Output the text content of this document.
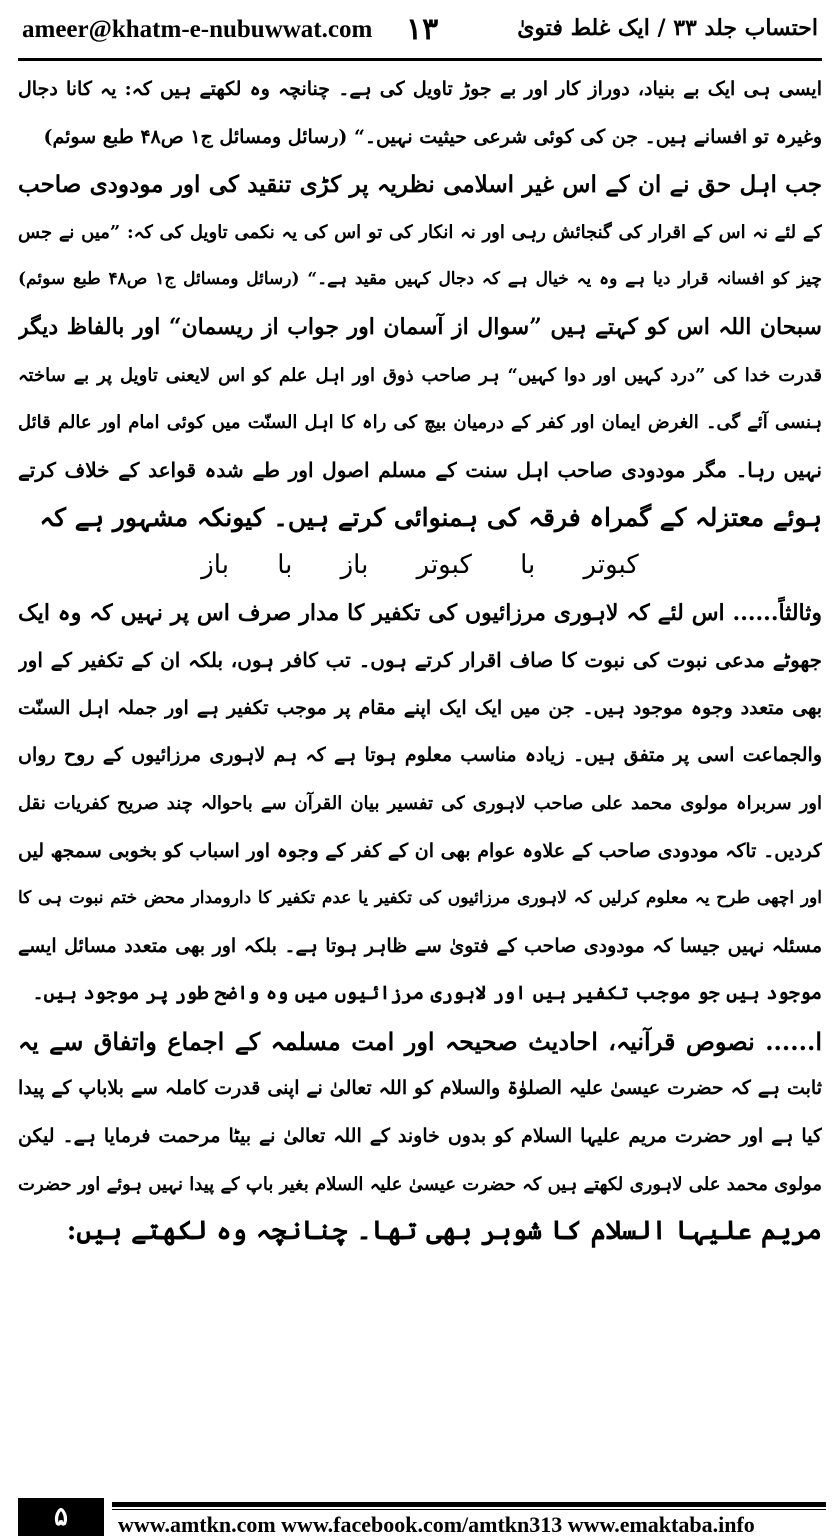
ameer@khatm-e-nubuwwat.com ۱۳	احتساب جلد ۳۳ / ایک غلط فتویٰ
ایسی ہی ایک بے بنیاد، دوراز کار اور بے جوڑ تاویل کی ہے۔ چنانچہ وہ لکھتے ہیں کہ: یہ کانا دجال
وغیرہ تو افسانے ہیں۔ جن کی کوئی شرعی حیثیت نہیں۔“ (رسائل ومسائل ج۱ ص۴۸ طبع سوئم)
جب اہل حق نے ان کے اس غیر اسلامی نظریہ پر کڑی تنقید کی اور مودودی صاحب
کے لئے نہ اس کے اقرار کی گنجائش رہی اور نہ انکار کی تو اس کی یہ نکمی تاویل کی کہ: ”میں نے جس
چیز کو افسانہ قرار دیا ہے وہ یہ خیال ہے کہ دجال کہیں مقید ہے۔“ (رسائل ومسائل ج۱ ص۴۸ طبع سوئم)
سبحان اللہ اس کو کہتے ہیں ”سوال از آسمان اور جواب از ریسمان“ اور بالفاظ دیگر
قدرت خدا کی ”درد کہیں اور دوا کہیں“ ہر صاحب ذوق اور اہل علم کو اس لایعنی تاویل پر بے ساختہ
ہنسی آئے گی۔ الغرض ایمان اور کفر کے درمیان بیچ کی راہ کا اہل السنّت میں کوئی امام اور عالم قائل
نہیں رہا۔ مگر مودودی صاحب اہل سنت کے مسلم اصول اور طے شدہ قواعد کے خلاف کرتے
ہوئے معتزلہ کے گمراہ فرقہ کی ہمنوائی کرتے ہیں۔ کیونکہ مشہور ہے کہ
کبوتر با کبوتر باز با باز
وثالثاً...... اس لئے کہ لاہوری مرزائیوں کی تکفیر کا مدار صرف اس پر نہیں کہ وہ ایک
جھوٹے مدعی نبوت کی نبوت کا صاف اقرار کرتے ہوں۔ تب کافر ہوں، بلکہ ان کے تکفیر کے اور
بھی متعدد وجوہ موجود ہیں۔ جن میں ایک ایک اپنے مقام پر موجب تکفیر ہے اور جملہ اہل السنّت
والجماعت اسی پر متفق ہیں۔ زیادہ مناسب معلوم ہوتا ہے کہ ہم لاہوری مرزائیوں کے روح رواں
اور سربراہ مولوی محمد علی صاحب لاہوری کی تفسیر بیان القرآن سے باحوالہ چند صریح کفریات نقل
کردیں۔ تاکہ مودودی صاحب کے علاوہ عوام بھی ان کے کفر کے وجوہ اور اسباب کو بخوبی سمجھ لیں
اور اچھی طرح یہ معلوم کرلیں کہ لاہوری مرزائیوں کی تکفیر یا عدم تکفیر کا دارومدار محض ختم نبوت ہی کا
مسئلہ نہیں جیسا کہ مودودی صاحب کے فتویٰ سے ظاہر ہوتا ہے۔ بلکہ اور بھی متعدد مسائل ایسے
موجود ہیں جو موجب تکفیر ہیں اور لاہوری مرزائیوں میں وہ واضح طور پر موجود ہیں۔
ا...... نصوص قرآنیہ، احادیث صحیحہ اور امت مسلمہ کے اجماع واتفاق سے یہ
ثابت ہے کہ حضرت عیسیٰ علیہ الصلوٰۃ والسلام کو اللہ تعالیٰ نے اپنی قدرت کاملہ سے بلاباپ کے پیدا
کیا ہے اور حضرت مریم علیہا السلام کو بدوں خاوند کے اللہ تعالیٰ نے بیٹا مرحمت فرمایا ہے۔ لیکن
مولوی محمد علی لاہوری لکھتے ہیں کہ حضرت عیسیٰ علیہ السلام بغیر باپ کے پیدا نہیں ہوئے اور حضرت
مریم علیہا السلام کا شوہر بھی تھا۔ چنانچہ وہ لکھتے ہیں:
۵	www.amtkn.com www.facebook.com/amtkn313 www.emaktaba.info
